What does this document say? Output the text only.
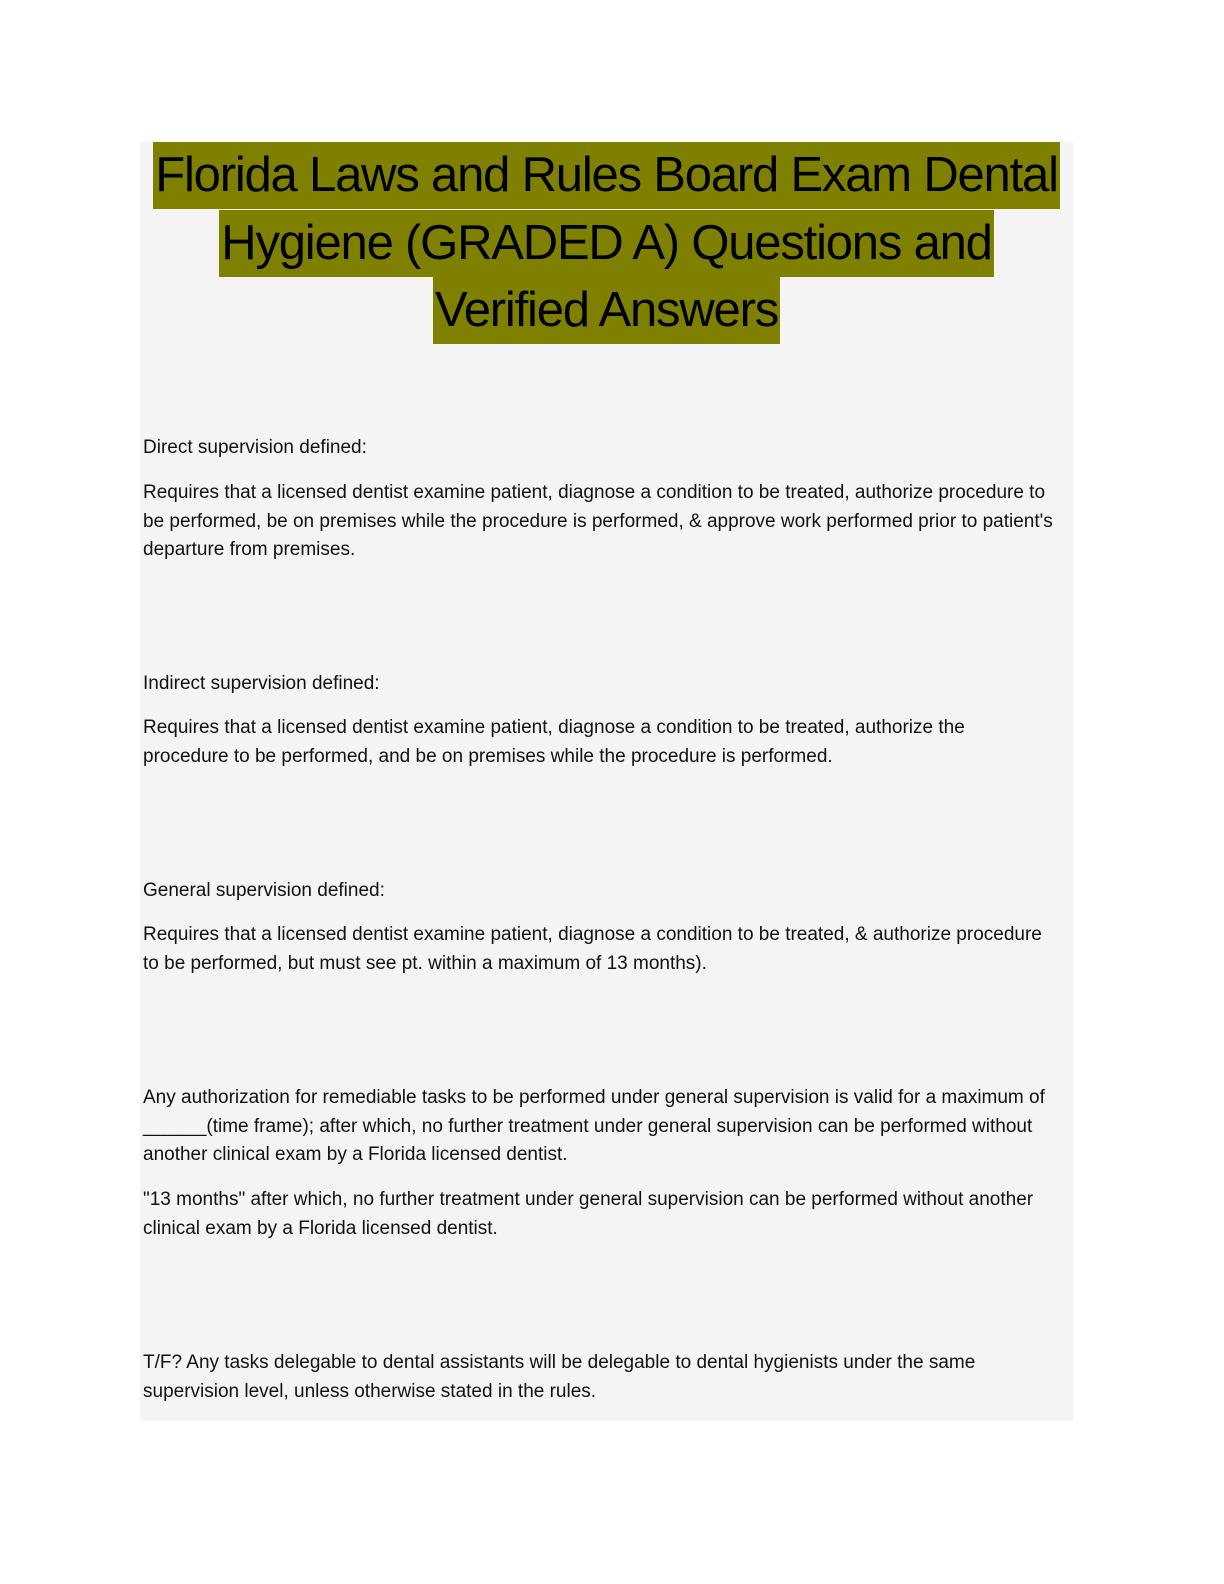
Florida Laws and Rules Board Exam Dental
Hygiene (GRADED A) Questions and
Verified Answers

Direct supervision defined:

Requires that a licensed dentist examine patient, diagnose a condition to be treated, authorize procedure to be performed, be on premises while the procedure is performed, & approve work performed prior to patient's departure from premises.

Indirect supervision defined:

Requires that a licensed dentist examine patient, diagnose a condition to be treated, authorize the procedure to be performed, and be on premises while the procedure is performed.

General supervision defined:

Requires that a licensed dentist examine patient, diagnose a condition to be treated, & authorize procedure to be performed, but must see pt. within a maximum of 13 months).

Any authorization for remediable tasks to be performed under general supervision is valid for a maximum of ______(time frame); after which, no further treatment under general supervision can be performed without another clinical exam by a Florida licensed dentist.

"13 months" after which, no further treatment under general supervision can be performed without another clinical exam by a Florida licensed dentist.

T/F? Any tasks delegable to dental assistants will be delegable to dental hygienists under the same supervision level, unless otherwise stated in the rules.
